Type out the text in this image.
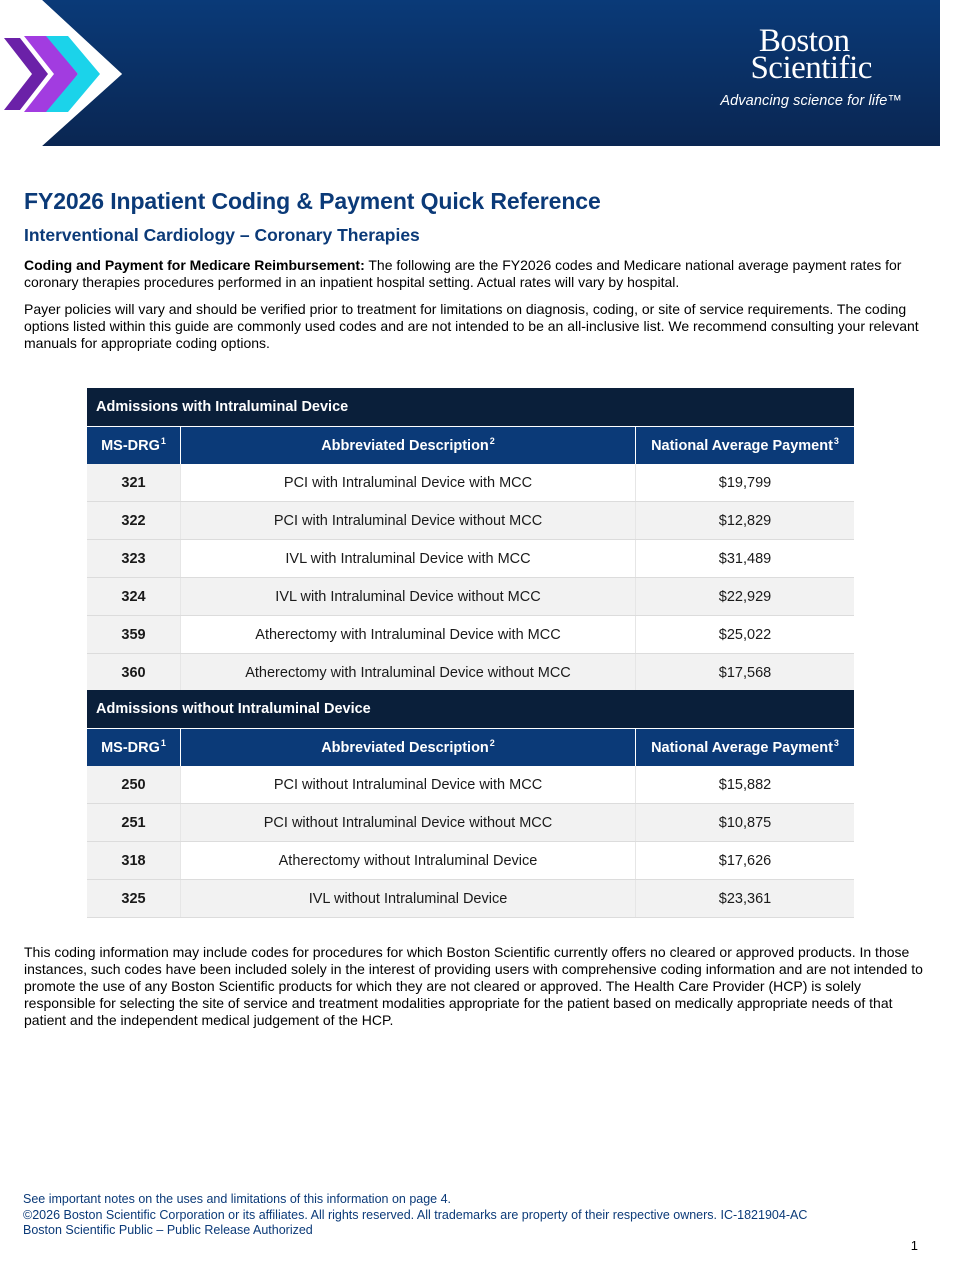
Boston
Scientific
Advancing science for life™
FY2026 Inpatient Coding & Payment Quick Reference
Interventional Cardiology – Coronary Therapies
Coding and Payment for Medicare Reimbursement: The following are the FY2026 codes and Medicare national average payment rates for coronary therapies procedures performed in an inpatient hospital setting. Actual rates will vary by hospital.
Payer policies will vary and should be verified prior to treatment for limitations on diagnosis, coding, or site of service requirements. The coding options listed within this guide are commonly used codes and are not intended to be an all-inclusive list. We recommend consulting your relevant manuals for appropriate coding options.
Admissions with Intraluminal Device
MS-DRG$^1$	Abbreviated Description$^2$	National Average Payment$^3$
321	PCI with Intraluminal Device with MCC	$19,799
322	PCI with Intraluminal Device without MCC	$12,829
323	IVL with Intraluminal Device with MCC	$31,489
324	IVL with Intraluminal Device without MCC	$22,929
359	Atherectomy with Intraluminal Device with MCC	$25,022
360	Atherectomy with Intraluminal Device without MCC	$17,568
Admissions without Intraluminal Device
MS-DRG$^1$	Abbreviated Description$^2$	National Average Payment$^3$
250	PCI without Intraluminal Device with MCC	$15,882
251	PCI without Intraluminal Device without MCC	$10,875
318	Atherectomy without Intraluminal Device	$17,626
325	IVL without Intraluminal Device	$23,361
This coding information may include codes for procedures for which Boston Scientific currently offers no cleared or approved products. In those instances, such codes have been included solely in the interest of providing users with comprehensive coding information and are not intended to promote the use of any Boston Scientific products for which they are not cleared or approved. The Health Care Provider (HCP) is solely responsible for selecting the site of service and treatment modalities appropriate for the patient based on medically appropriate needs of that patient and the independent medical judgement of the HCP.
See important notes on the uses and limitations of this information on page 4.
©2026 Boston Scientific Corporation or its affiliates. All rights reserved. All trademarks are property of their respective owners. IC-1821904-AC
Boston Scientific Public – Public Release Authorized
1
